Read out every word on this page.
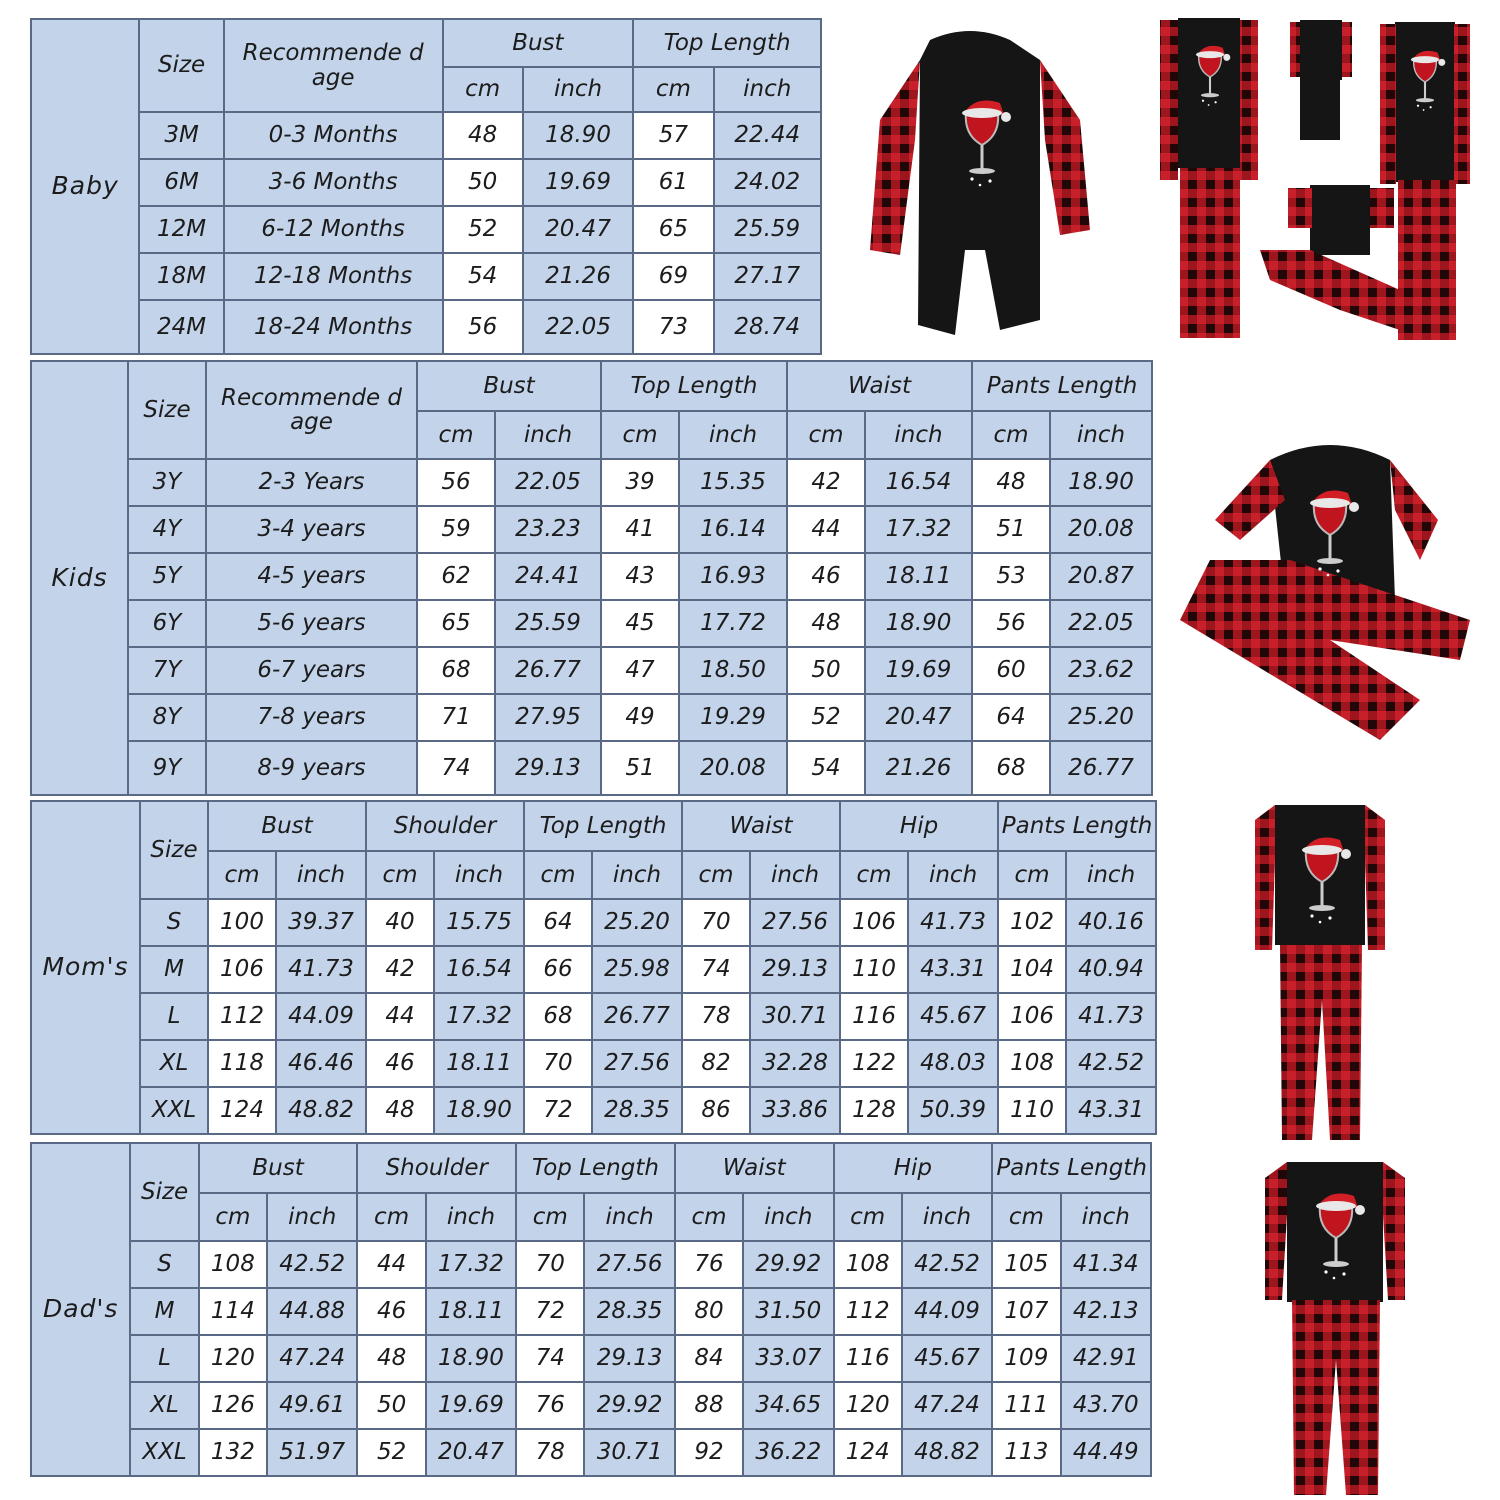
Baby	Size	Recommende d age	Bust		Top Length	
			cm	inch	cm	inch
	3M	0-3 Months	48	18.90	57	22.44
	6M	3-6 Months	50	19.69	61	24.02
	12M	6-12 Months	52	20.47	65	25.59
	18M	12-18 Months	54	21.26	69	27.17
	24M	18-24 Months	56	22.05	73	28.74
Kids	Size	Recommende d age	Bust		Top Length		Waist		Pants Length	
			cm	inch	cm	inch	cm	inch	cm	inch
	3Y	2-3 Years	56	22.05	39	15.35	42	16.54	48	18.90
	4Y	3-4 years	59	23.23	41	16.14	44	17.32	51	20.08
	5Y	4-5 years	62	24.41	43	16.93	46	18.11	53	20.87
	6Y	5-6 years	65	25.59	45	17.72	48	18.90	56	22.05
	7Y	6-7 years	68	26.77	47	18.50	50	19.69	60	23.62
	8Y	7-8 years	71	27.95	49	19.29	52	20.47	64	25.20
	9Y	8-9 years	74	29.13	51	20.08	54	21.26	68	26.77
Mom's	Size	Bust		Shoulder		Top Length		Waist		Hip		Pants Length	
		cm	inch	cm	inch	cm	inch	cm	inch	cm	inch	cm	inch
	S	100	39.37	40	15.75	64	25.20	70	27.56	106	41.73	102	40.16
	M	106	41.73	42	16.54	66	25.98	74	29.13	110	43.31	104	40.94
	L	112	44.09	44	17.32	68	26.77	78	30.71	116	45.67	106	41.73
	XL	118	46.46	46	18.11	70	27.56	82	32.28	122	48.03	108	42.52
	XXL	124	48.82	48	18.90	72	28.35	86	33.86	128	50.39	110	43.31
Dad's	Size	Bust		Shoulder		Top Length		Waist		Hip		Pants Length	
		cm	inch	cm	inch	cm	inch	cm	inch	cm	inch	cm	inch
	S	108	42.52	44	17.32	70	27.56	76	29.92	108	42.52	105	41.34
	M	114	44.88	46	18.11	72	28.35	80	31.50	112	44.09	107	42.13
	L	120	47.24	48	18.90	74	29.13	84	33.07	116	45.67	109	42.91
	XL	126	49.61	50	19.69	76	29.92	88	34.65	120	47.24	111	43.70
	XXL	132	51.97	52	20.47	78	30.71	92	36.22	124	48.82	113	44.49
